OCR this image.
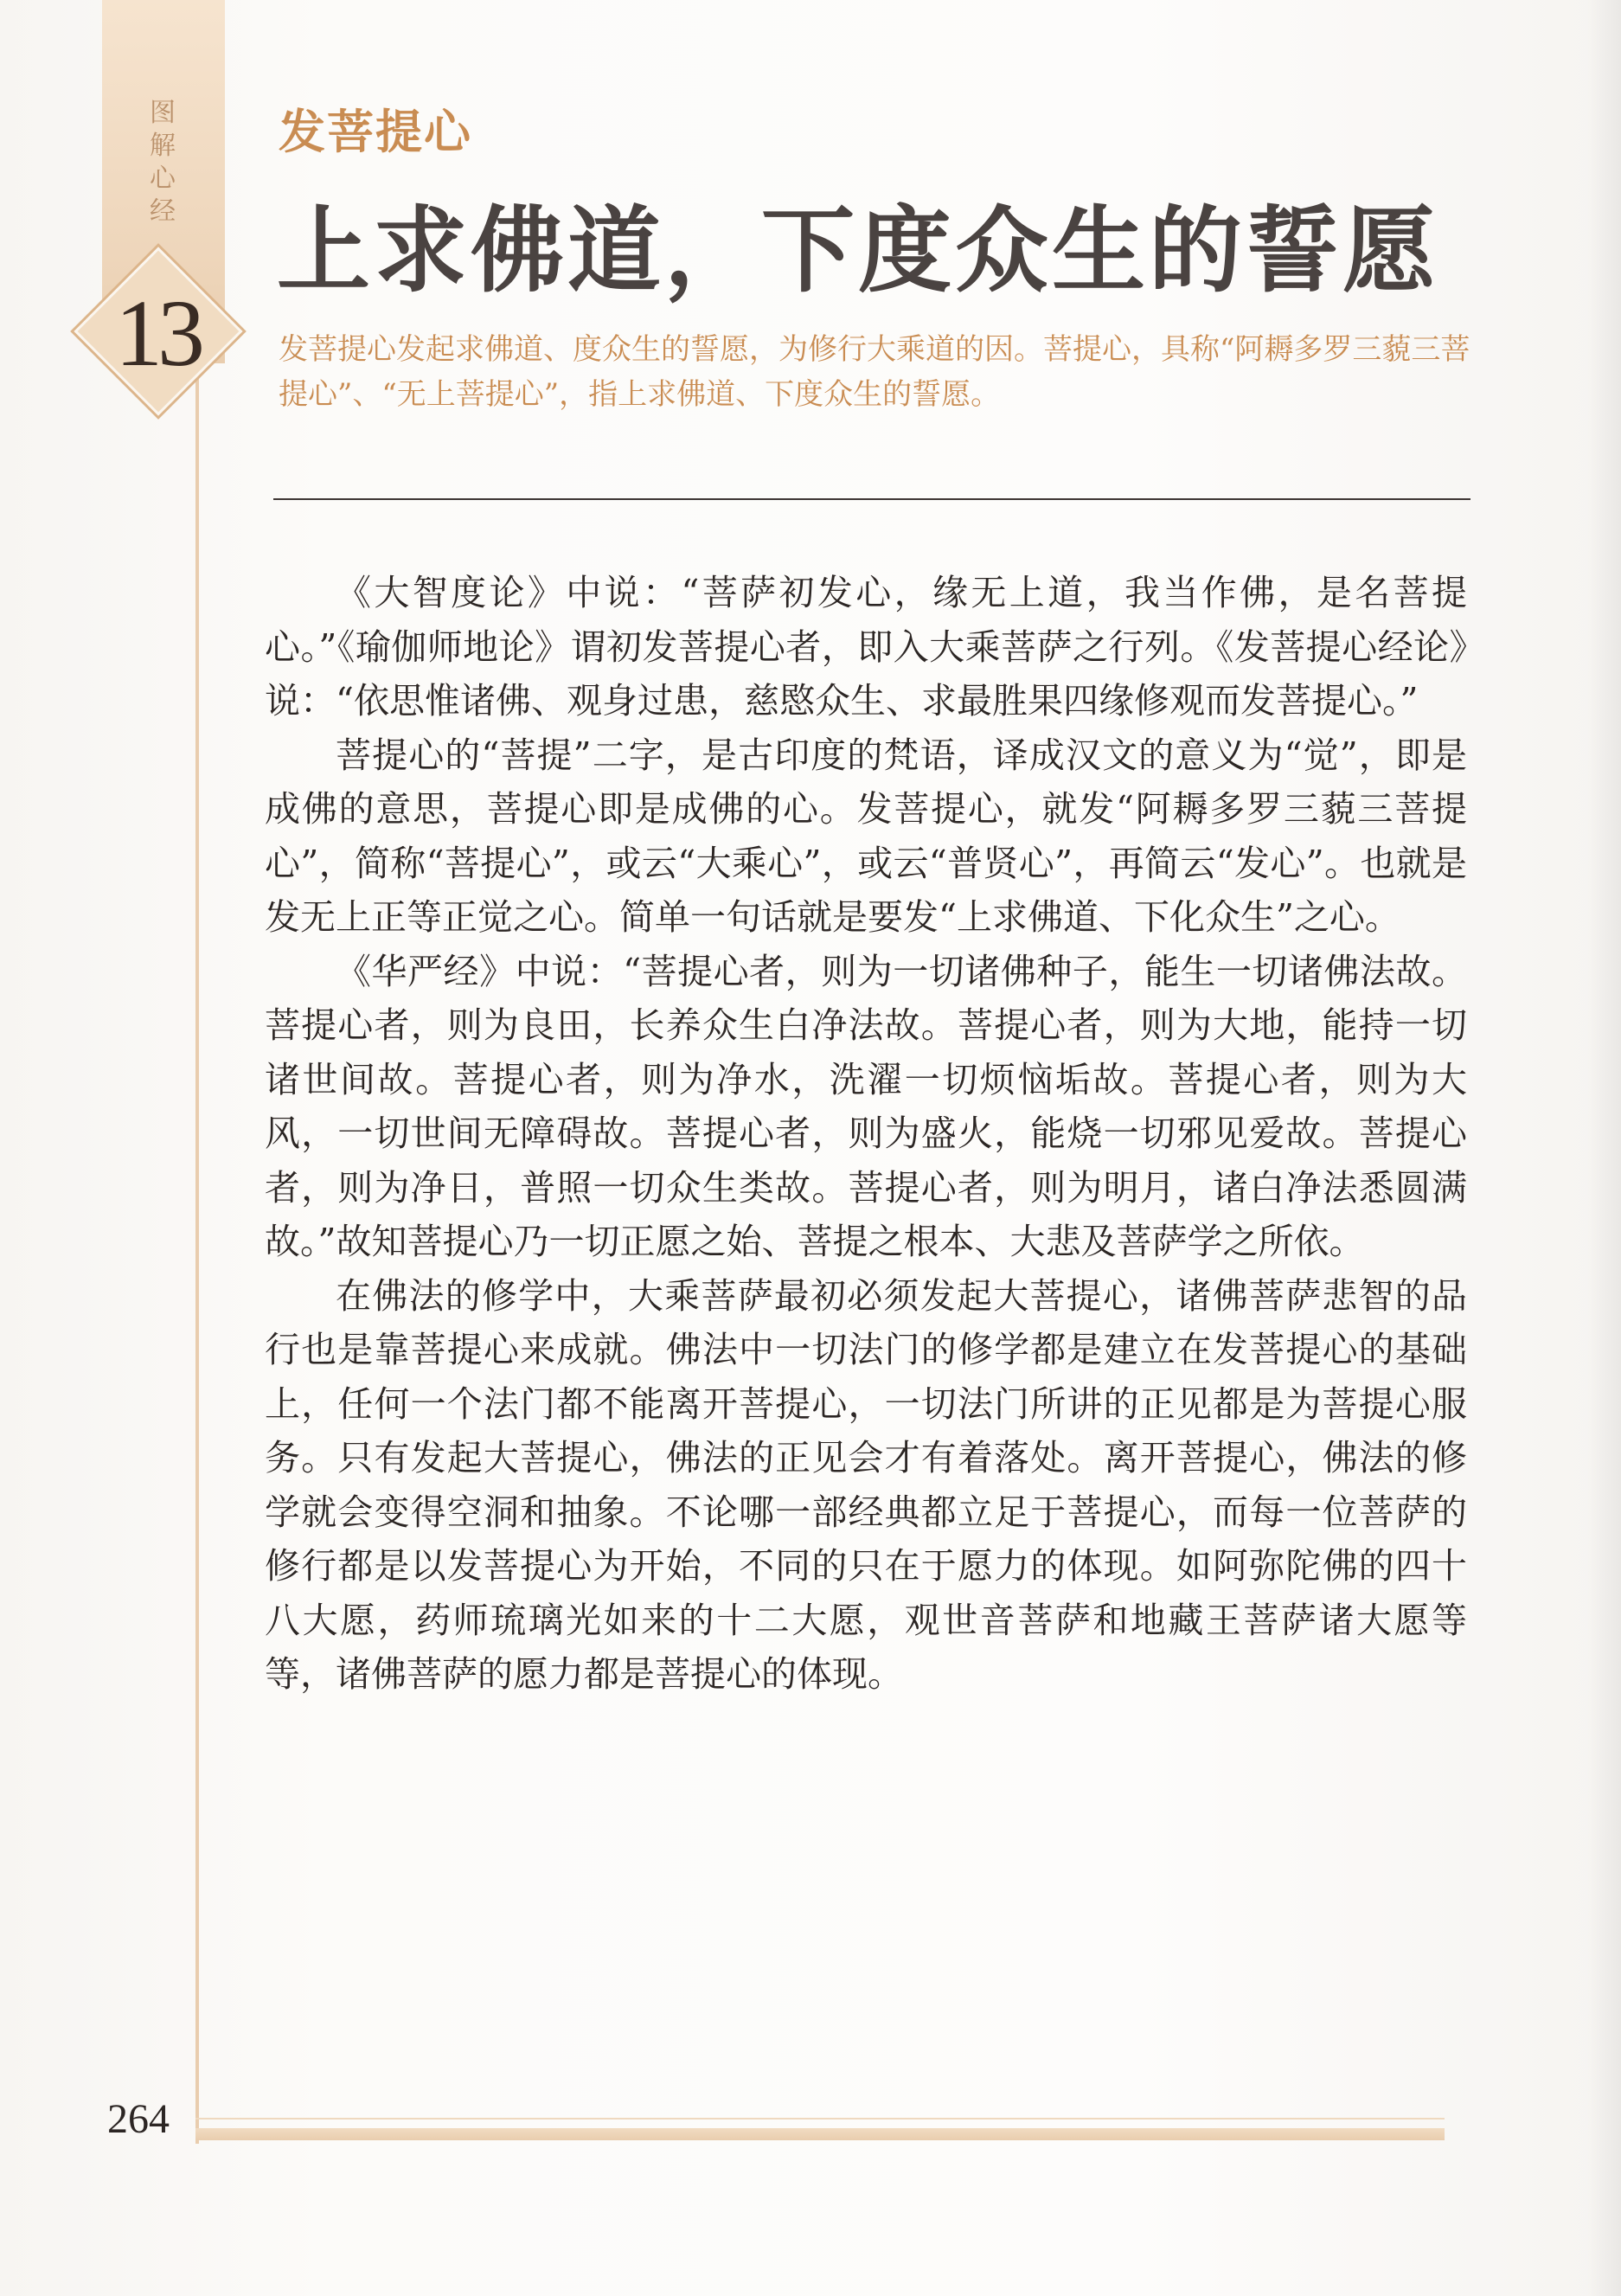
图
解
心
经
13
发菩提心
上求佛道，下度众生的誓愿
发菩提心发起求佛道、度众生的誓愿，为修行大乘道的因。菩提心，具称“阿耨多罗三藐三菩提心”、“无上菩提心”，指上求佛道、下度众生的誓愿。

《大智度论》中说：“菩萨初发心，缘无上道，我当作佛，是名菩提心。”《瑜伽师地论》谓初发菩提心者，即入大乘菩萨之行列。《发菩提心经论》说：“依思惟诸佛、观身过患，慈愍众生、求最胜果四缘修观而发菩提心。”

菩提心的“菩提”二字，是古印度的梵语，译成汉文的意义为“觉”，即是成佛的意思，菩提心即是成佛的心。发菩提心，就发“阿耨多罗三藐三菩提心”，简称“菩提心”，或云“大乘心”，或云“普贤心”，再简云“发心”。也就是发无上正等正觉之心。简单一句话就是要发“上求佛道、下化众生”之心。

《华严经》中说：“菩提心者，则为一切诸佛种子，能生一切诸佛法故。菩提心者，则为良田，长养众生白净法故。菩提心者，则为大地，能持一切诸世间故。菩提心者，则为净水，洗濯一切烦恼垢故。菩提心者，则为大风，一切世间无障碍故。菩提心者，则为盛火，能烧一切邪见爱故。菩提心者，则为净日，普照一切众生类故。菩提心者，则为明月，诸白净法悉圆满故。”故知菩提心乃一切正愿之始、菩提之根本、大悲及菩萨学之所依。

在佛法的修学中，大乘菩萨最初必须发起大菩提心，诸佛菩萨悲智的品行也是靠菩提心来成就。佛法中一切法门的修学都是建立在发菩提心的基础上，任何一个法门都不能离开菩提心，一切法门所讲的正见都是为菩提心服务。只有发起大菩提心，佛法的正见会才有着落处。离开菩提心，佛法的修学就会变得空洞和抽象。不论哪一部经典都立足于菩提心，而每一位菩萨的修行都是以发菩提心为开始，不同的只在于愿力的体现。如阿弥陀佛的四十八大愿，药师琉璃光如来的十二大愿，观世音菩萨和地藏王菩萨诸大愿等等，诸佛菩萨的愿力都是菩提心的体现。

264
